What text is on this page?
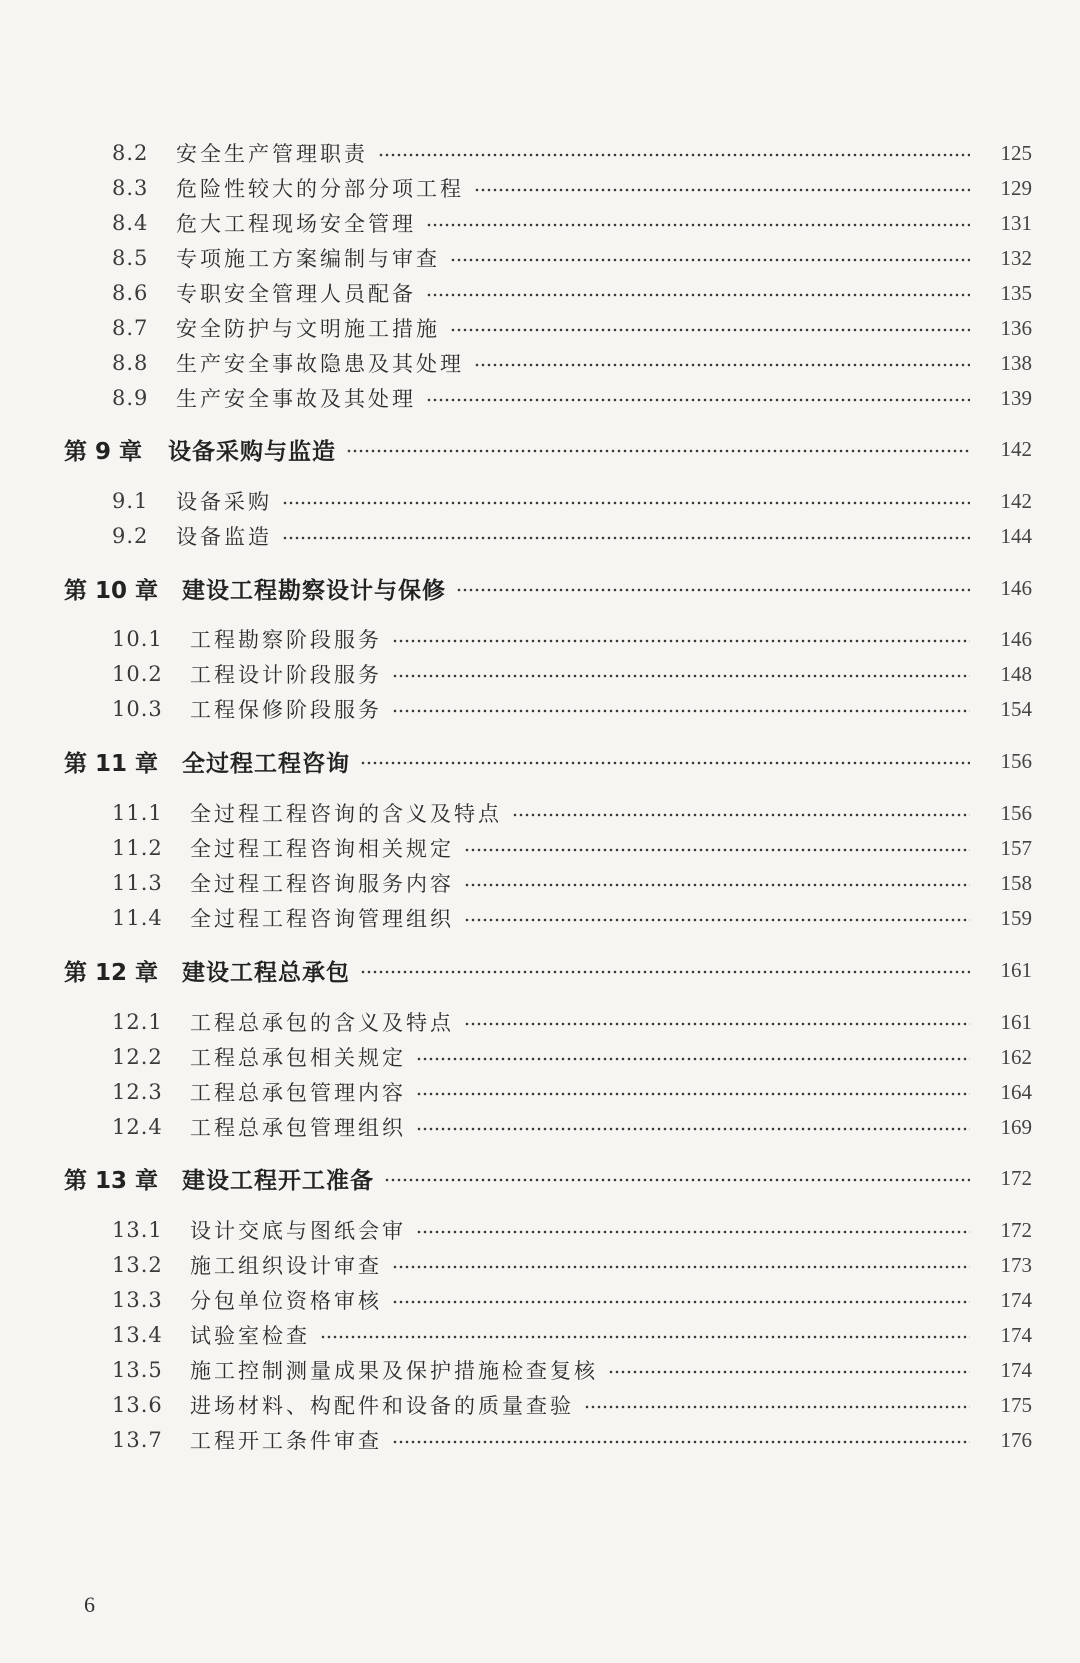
8.2	安全生产管理职责	125
8.3	危险性较大的分部分项工程	129
8.4	危大工程现场安全管理	131
8.5	专项施工方案编制与审查	132
8.6	专职安全管理人员配备	135
8.7	安全防护与文明施工措施	136
8.8	生产安全事故隐患及其处理	138
8.9	生产安全事故及其处理	139
第 9 章 设备采购与监造	142
9.1	设备采购	142
9.2	设备监造	144
第 10 章 建设工程勘察设计与保修	146
10.1	工程勘察阶段服务	146
10.2	工程设计阶段服务	148
10.3	工程保修阶段服务	154
第 11 章 全过程工程咨询	156
11.1	全过程工程咨询的含义及特点	156
11.2	全过程工程咨询相关规定	157
11.3	全过程工程咨询服务内容	158
11.4	全过程工程咨询管理组织	159
第 12 章 建设工程总承包	161
12.1	工程总承包的含义及特点	161
12.2	工程总承包相关规定	162
12.3	工程总承包管理内容	164
12.4	工程总承包管理组织	169
第 13 章 建设工程开工准备	172
13.1	设计交底与图纸会审	172
13.2	施工组织设计审查	173
13.3	分包单位资格审核	174
13.4	试验室检查	174
13.5	施工控制测量成果及保护措施检查复核	174
13.6	进场材料、构配件和设备的质量查验	175
13.7	工程开工条件审查	176
6
